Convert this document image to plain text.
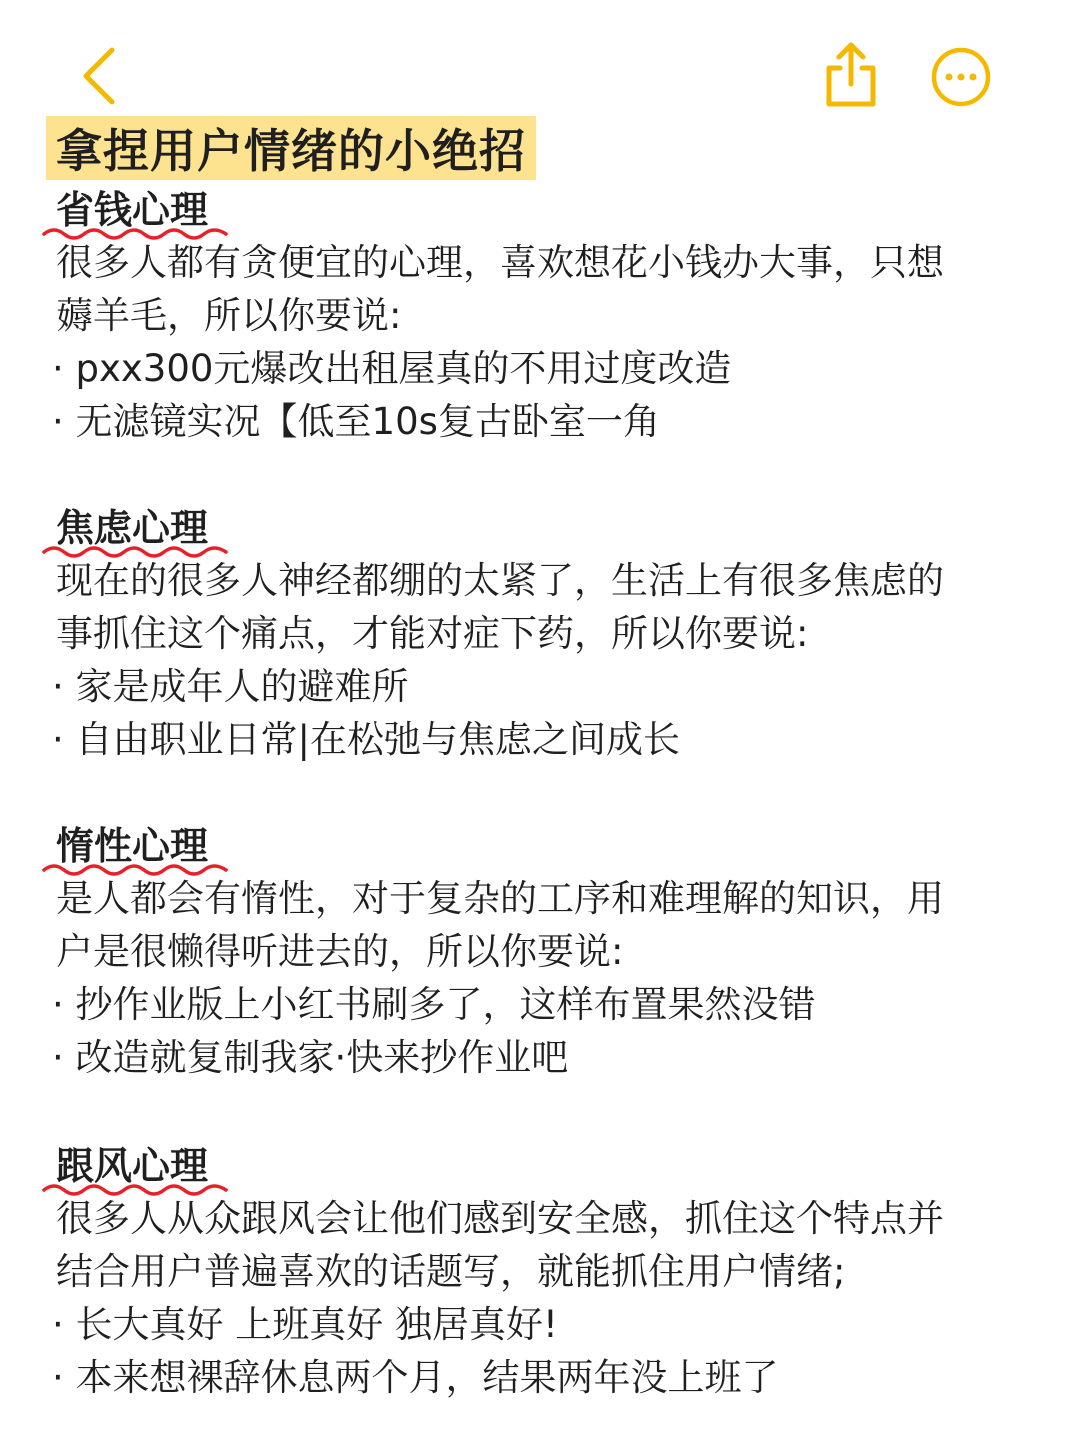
拿捏用户情绪的小绝招
省钱心理

很多人都有贪便宜的心理，喜欢想花小钱办大事，只想

薅羊毛，所以你要说:

· pxx300元爆改出租屋真的不用过度改造
· 无滤镜实况【低至10s复古卧室一角
焦虑心理

现在的很多人神经都绷的太紧了，生活上有很多焦虑的

事抓住这个痛点，才能对症下药，所以你要说:

· 家是成年人的避难所
· 自由职业日常|在松弛与焦虑之间成长
惰性心理

是人都会有惰性，对于复杂的工序和难理解的知识，用

户是很懒得听进去的，所以你要说:

· 抄作业版上小红书刷多了，这样布置果然没错
· 改造就复制我家·快来抄作业吧
跟风心理

很多人从众跟风会让他们感到安全感，抓住这个特点并

结合用户普遍喜欢的话题写，就能抓住用户情绪;

· 长大真好 上班真好 独居真好!
· 本来想裸辞休息两个月，结果两年没上班了
